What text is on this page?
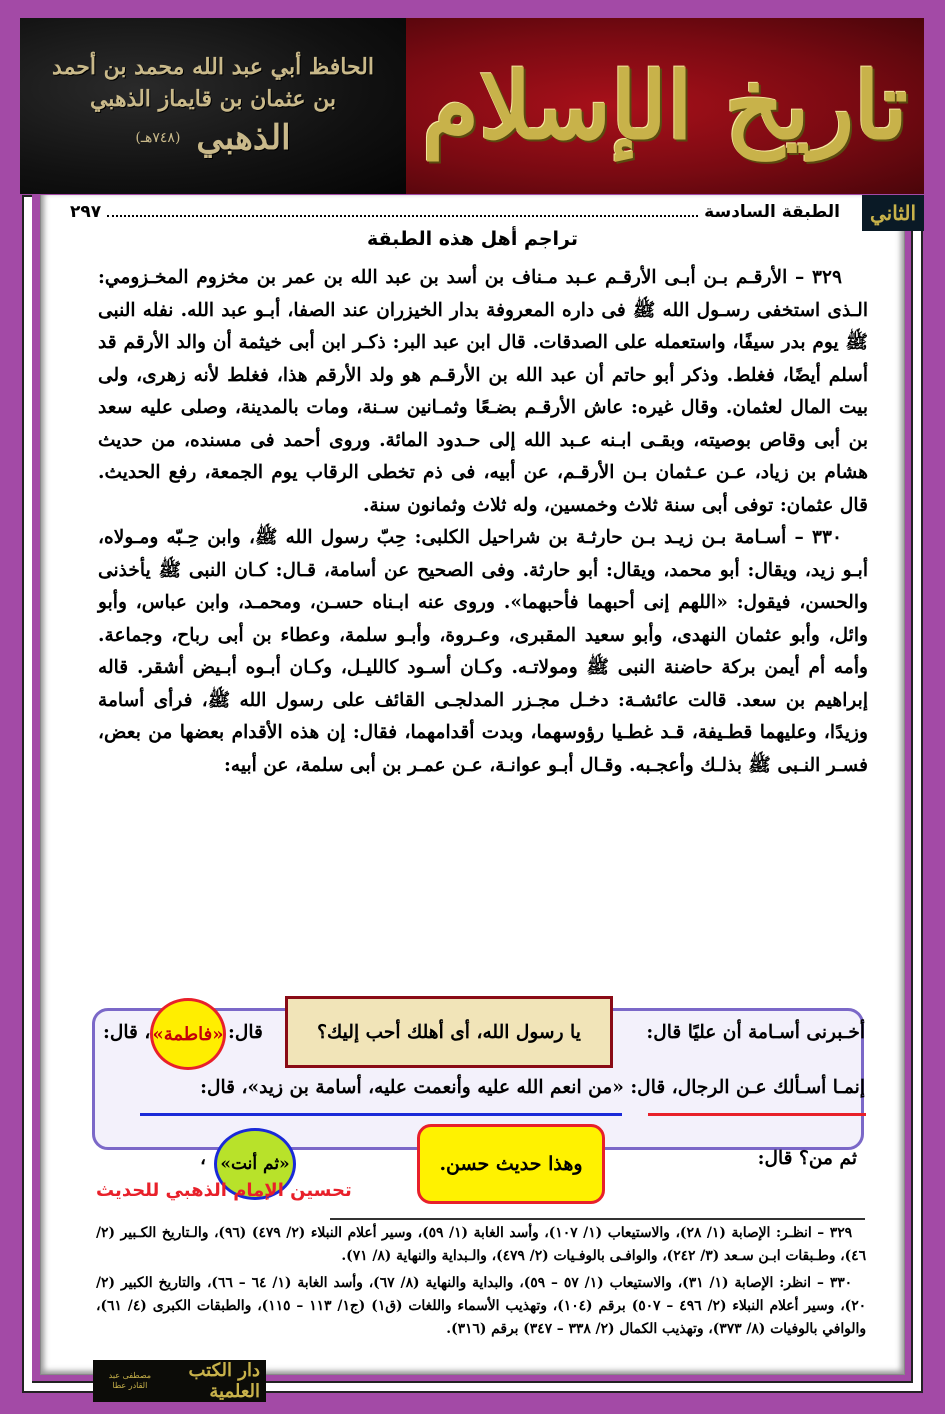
الحافظ أبي عبد الله محمد بن أحمد
بن عثمان بن قايماز الذهبي
الذهبي
(٧٤٨هـ)	تاريخ الإسلام
الثاني
الطبقة السادسة
٢٩٧
تراجم أهل هذه الطبقة

٣٢٩ – الأرقـم بـن أبـى الأرقـم عـبد مـناف بن أسد بن عبد الله بن عمر بن مخزوم المخـزومي: الـذى استخفى رسـول الله ﷺ فى داره المعروفة بدار الخيزران عند الصفا، أبـو عبد الله. نفله النبى ﷺ يوم بدر سيفًا، واستعمله على الصدقات. قال ابن عبد البر: ذكـر ابن أبى خيثمة أن والد الأرقم قد أسلم أيضًا، فغلط. وذكر أبو حاتم أن عبد الله بن الأرقـم هو ولد الأرقم هذا، فغلط لأنه زهرى، ولى بيت المال لعثمان. وقال غيره: عاش الأرقـم بضـعًا وثمـانين سـنة، ومات بالمدينة، وصلى عليه سعد بن أبى وقاص بوصيته، وبقـى ابـنه عـبد الله إلى حـدود المائة. وروى أحمد فى مسنده، من حديث هشام بن زياد، عـن عـثمان بـن الأرقـم، عن أبيه، فى ذم تخطى الرقاب يوم الجمعة، رفع الحديث. قال عثمان: توفى أبى سنة ثلاث وخمسين، وله ثلاث وثمانون سنة.

٣٣٠ – أسـامة بـن زيـد بـن حارثـة بن شراحيل الكلبى: حِبّ رسول الله ﷺ، وابن حِـبّه ومـولاه، أبـو زيد، ويقال: أبو محمد، ويقال: أبو حارثة. وفى الصحيح عن أسامة، قـال: كـان النبى ﷺ يأخذنى والحسن، فيقول: «اللهم إنى أحبهما فأحبهما». وروى عنه ابـناه حسـن، ومحمـد، وابن عباس، وأبو وائل، وأبو عثمان النهدى، وأبو سعيد المقبرى، وعـروة، وأبـو سلمة، وعطاء بن أبى رباح، وجماعة. وأمه أم أيمن بركة حاضنة النبى ﷺ ومولاتـه. وكـان أسـود كالليـل، وكـان أبـوه أبـيض أشقر. قاله إبراهيم بن سعد. قالت عائشـة: دخـل مجـزر المدلجـى القائف على رسول الله ﷺ، فرأى أسامة وزيدًا، وعليهما قطـيفة، قـد غطـيا رؤوسهما، وبدت أقدامهما، فقال: إن هذه الأقدام بعضها من بعض، فسـر النـبى ﷺ بذلـك وأعجـبه. وقـال أبـو عوانـة، عـن عمـر بن أبى سلمة، عن أبيه:

أخـبرنى أسـامة أن عليًا قال:
، قال:	قال:	يا رسول الله، أى أهلك أحب إليك؟
«فاطمة»
إنمـا أسـألك عـن الرجال، قال: «من انعم الله عليه وأنعمت عليه، أسامة بن زيد»، قال:
ثم من؟ قال:
«ثم أنت»
،	وهذا حديث حسن.
تحسين الإمام الذهبي للحديث

٣٢٩ – انظـر: الإصابة (١/ ٢٨)، والاستيعاب (١/ ١٠٧)، وأسد الغابة (١/ ٥٩)، وسير أعلام النبلاء (٢/ ٤٧٩) (٩٦)، والـتاريخ الكـبير (٢/ ٤٦)، وطـبقات ابـن سـعد (٣/ ٢٤٢)، والوافـى بالوفـيات (٢/ ٤٧٩)، والـبداية والنهاية (٨/ ٧١).

٣٣٠ – انظر: الإصابة (١/ ٣١)، والاستيعاب (١/ ٥٧ – ٥٩)، والبداية والنهاية (٨/ ٦٧)، وأسد الغابة (١/ ٦٤ – ٦٦)، والتاريخ الكبير (٢/ ٢٠)، وسير أعلام النبلاء (٢/ ٤٩٦ – ٥٠٧) برقم (١٠٤)، وتهذيب الأسماء واللغات (ق١) (ج١/ ١١٣ – ١١٥)، والطبقات الكبرى (٤/ ٦١)، والوافي بالوفيات (٨/ ٣٧٣)، وتهذيب الكمال (٢/ ٣٣٨ – ٣٤٧) برقم (٣١٦).

دار الكتب العلمية
مصطفى عبد القادر عطا
